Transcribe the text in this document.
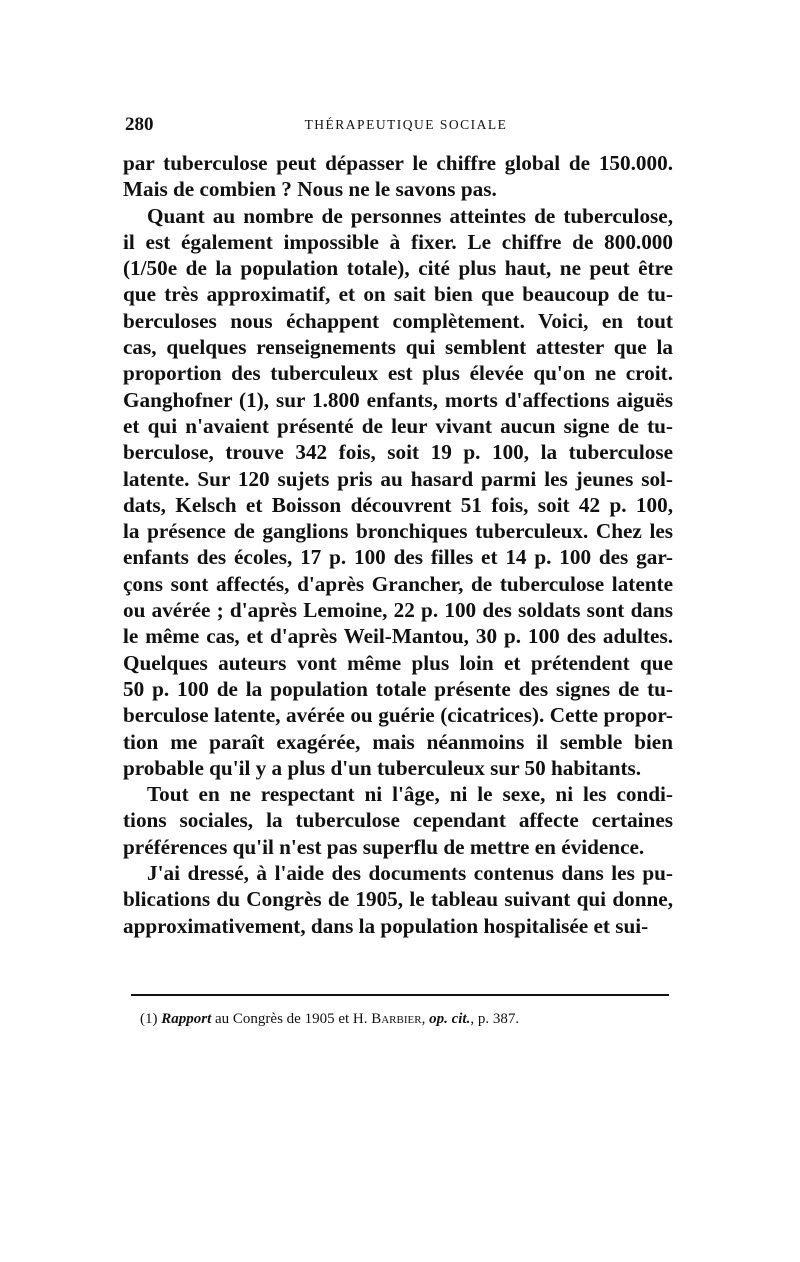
280	THÉRAPEUTIQUE SOCIALE
par tuberculose peut dépasser le chiffre global de 150.000.
Mais de combien ? Nous ne le savons pas.
Quant au nombre de personnes atteintes de tuberculose,
il est également impossible à fixer. Le chiffre de 800.000
(1/50e de la population totale), cité plus haut, ne peut être
que très approximatif, et on sait bien que beaucoup de tu-
berculoses nous échappent complètement. Voici, en tout
cas, quelques renseignements qui semblent attester que la
proportion des tuberculeux est plus élevée qu'on ne croit.
Ganghofner (1), sur 1.800 enfants, morts d'affections aiguës
et qui n'avaient présenté de leur vivant aucun signe de tu-
berculose, trouve 342 fois, soit 19 p. 100, la tuberculose
latente. Sur 120 sujets pris au hasard parmi les jeunes sol-
dats, Kelsch et Boisson découvrent 51 fois, soit 42 p. 100,
la présence de ganglions bronchiques tuberculeux. Chez les
enfants des écoles, 17 p. 100 des filles et 14 p. 100 des gar-
çons sont affectés, d'après Grancher, de tuberculose latente
ou avérée ; d'après Lemoine, 22 p. 100 des soldats sont dans
le même cas, et d'après Weil-Mantou, 30 p. 100 des adultes.
Quelques auteurs vont même plus loin et prétendent que
50 p. 100 de la population totale présente des signes de tu-
berculose latente, avérée ou guérie (cicatrices). Cette propor-
tion me paraît exagérée, mais néanmoins il semble bien
probable qu'il y a plus d'un tuberculeux sur 50 habitants.
Tout en ne respectant ni l'âge, ni le sexe, ni les condi-
tions sociales, la tuberculose cependant affecte certaines
préférences qu'il n'est pas superflu de mettre en évidence.
J'ai dressé, à l'aide des documents contenus dans les pu-
blications du Congrès de 1905, le tableau suivant qui donne,
approximativement, dans la population hospitalisée et sui-
(1) Rapport au Congrès de 1905 et H. Barbier, op. cit., p. 387.
